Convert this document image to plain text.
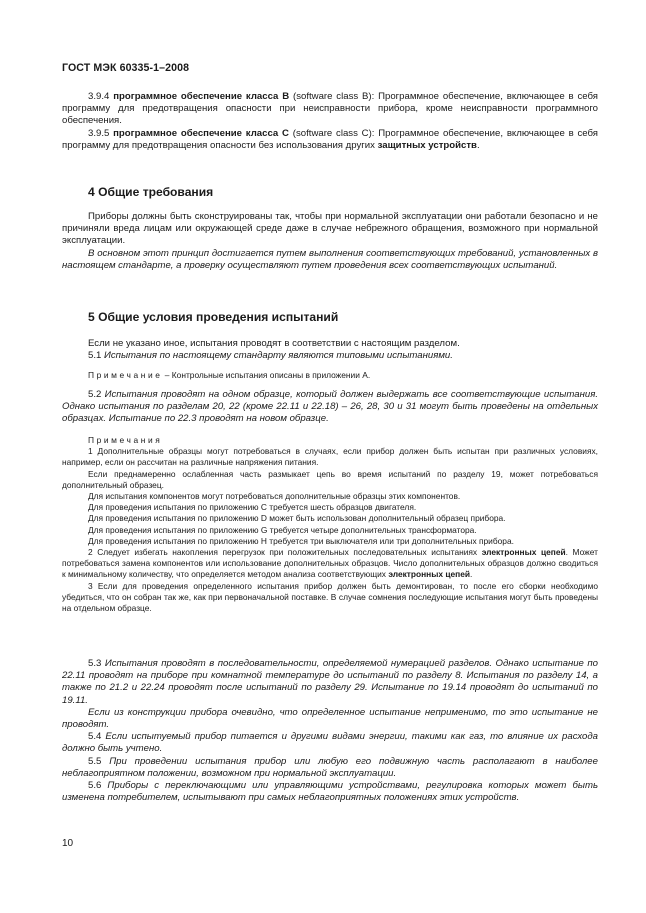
ГОСТ МЭК 60335-1–2008

3.9.4 программное обеспечение класса B (software class B): Программное обеспечение, включающее в себя программу для предотвращения опасности при неисправности прибора, кроме неисправности программного обеспечения.

3.9.5 программное обеспечение класса C (software class C): Программное обеспечение, включающее в себя программу для предотвращения опасности без использования других защитных устройств.

4 Общие требования

Приборы должны быть сконструированы так, чтобы при нормальной эксплуатации они работали безопасно и не причиняли вреда лицам или окружающей среде даже в случае небрежного обращения, возможного при нормальной эксплуатации.

В основном этот принцип достигается путем выполнения соответствующих требований, установленных в настоящем стандарте, а проверку осуществляют путем проведения всех соответствующих испытаний.

5 Общие условия проведения испытаний

Если не указано иное, испытания проводят в соответствии с настоящим разделом.

5.1 Испытания по настоящему стандарту являются типовыми испытаниями.

Примечание – Контрольные испытания описаны в приложении А.

5.2 Испытания проводят на одном образце, который должен выдержать все соответствующие испытания. Однако испытания по разделам 20, 22 (кроме 22.11 и 22.18) – 26, 28, 30 и 31 могут быть проведены на отдельных образцах. Испытание по 22.3 проводят на новом образце.

Примечания

1 Дополнительные образцы могут потребоваться в случаях, если прибор должен быть испытан при различных условиях, например, если он рассчитан на различные напряжения питания.

Если преднамеренно ослабленная часть размыкает цепь во время испытаний по разделу 19, может потребоваться дополнительный образец.

Для испытания компонентов могут потребоваться дополнительные образцы этих компонентов.

Для проведения испытания по приложению С требуется шесть образцов двигателя.

Для проведения испытания по приложению D может быть использован дополнительный образец прибора.

Для проведения испытания по приложению G требуется четыре дополнительных трансформатора.

Для проведения испытания по приложению H требуется три выключателя или три дополнительных прибора.

2 Следует избегать накопления перегрузок при положительных последовательных испытаниях электронных цепей. Может потребоваться замена компонентов или использование дополнительных образцов. Число дополнительных образцов должно сводиться к минимальному количеству, что определяется методом анализа соответствующих электронных цепей.

3 Если для проведения определенного испытания прибор должен быть демонтирован, то после его сборки необходимо убедиться, что он собран так же, как при первоначальной поставке. В случае сомнения последующие испытания могут быть проведены на отдельном образце.

5.3 Испытания проводят в последовательности, определяемой нумерацией разделов. Однако испытание по 22.11 проводят на приборе при комнатной температуре до испытаний по разделу 8. Испытания по разделу 14, а также по 21.2 и 22.24 проводят после испытаний по разделу 29. Испытание по 19.14 проводят до испытаний по 19.11.

Если из конструкции прибора очевидно, что определенное испытание неприменимо, то это испытание не проводят.

5.4 Если испытуемый прибор питается и другими видами энергии, такими как газ, то влияние их расхода должно быть учтено.

5.5 При проведении испытания прибор или любую его подвижную часть располагают в наиболее неблагоприятном положении, возможном при нормальной эксплуатации.

5.6 Приборы с переключающими или управляющими устройствами, регулировка которых может быть изменена потребителем, испытывают при самых неблагоприятных положениях этих устройств.

10
